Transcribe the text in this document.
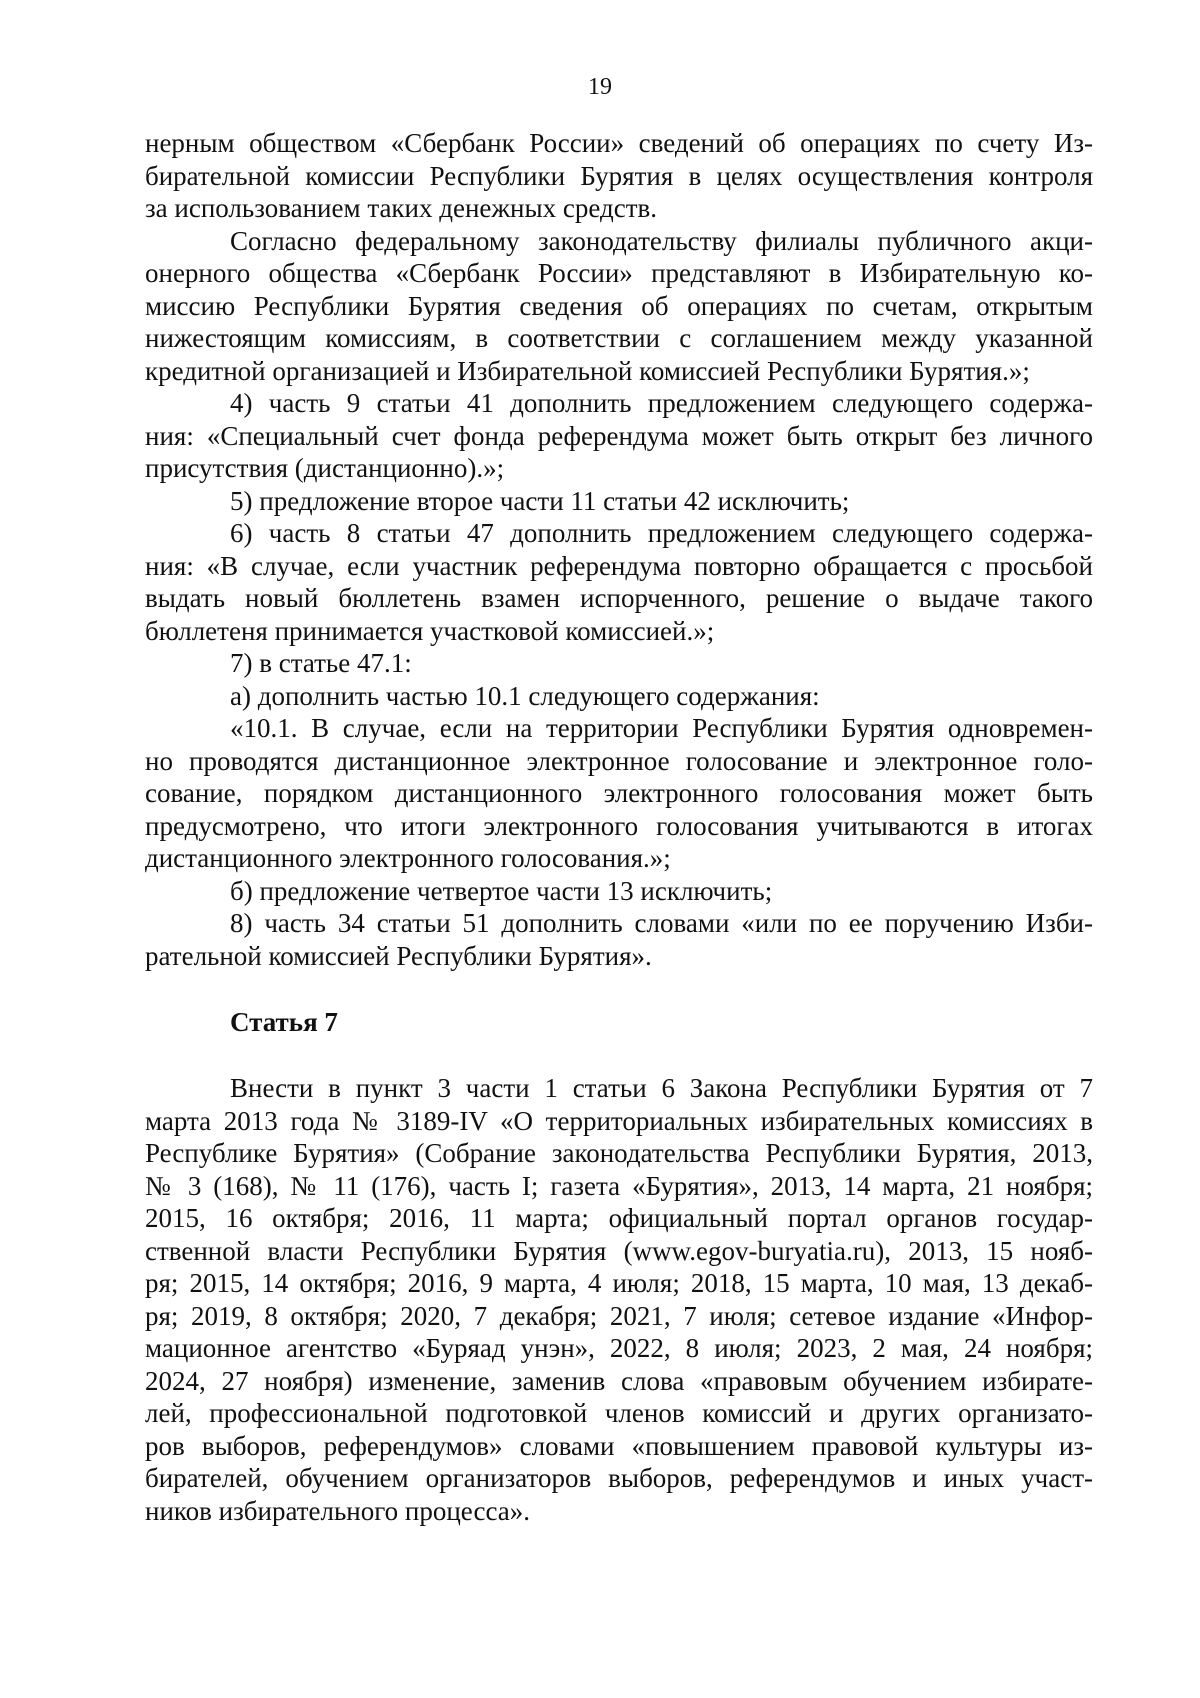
19
нерным обществом «Сбербанк России» сведений об операциях по счету Из-
бирательной комиссии Республики Бурятия в целях осуществления контроля
за использованием таких денежных средств.
Согласно федеральному законодательству филиалы публичного акци-
онерного общества «Сбербанк России» представляют в Избирательную ко-
миссию Республики Бурятия сведения об операциях по счетам, открытым
нижестоящим комиссиям, в соответствии с соглашением между указанной
кредитной организацией и Избирательной комиссией Республики Бурятия.»;
4) часть 9 статьи 41 дополнить предложением следующего содержа-
ния: «Специальный счет фонда референдума может быть открыт без личного
присутствия (дистанционно).»;
5) предложение второе части 11 статьи 42 исключить;
6) часть 8 статьи 47 дополнить предложением следующего содержа-
ния: «В случае, если участник референдума повторно обращается с просьбой
выдать новый бюллетень взамен испорченного, решение о выдаче такого
бюллетеня принимается участковой комиссией.»;
7) в статье 47.1:
а) дополнить частью 10.1 следующего содержания:
«10.1. В случае, если на территории Республики Бурятия одновремен-
но проводятся дистанционное электронное голосование и электронное голо-
сование, порядком дистанционного электронного голосования может быть
предусмотрено, что итоги электронного голосования учитываются в итогах
дистанционного электронного голосования.»;
б) предложение четвертое части 13 исключить;
8) часть 34 статьи 51 дополнить словами «или по ее поручению Изби-
рательной комиссией Республики Бурятия».
Статья 7
Внести в пункт 3 части 1 статьи 6 Закона Республики Бурятия от 7
марта 2013 года № 3189-IV «О территориальных избирательных комиссиях в
Республике Бурятия» (Собрание законодательства Республики Бурятия, 2013,
№ 3 (168), № 11 (176), часть I; газета «Бурятия», 2013, 14 марта, 21 ноября;
2015, 16 октября; 2016, 11 марта; официальный портал органов государ-
ственной власти Республики Бурятия (www.egov-buryatia.ru), 2013, 15 нояб-
ря; 2015, 14 октября; 2016, 9 марта, 4 июля; 2018, 15 марта, 10 мая, 13 декаб-
ря; 2019, 8 октября; 2020, 7 декабря; 2021, 7 июля; сетевое издание «Инфор-
мационное агентство «Буряад унэн», 2022, 8 июля; 2023, 2 мая, 24 ноября;
2024, 27 ноября) изменение, заменив слова «правовым обучением избирате-
лей, профессиональной подготовкой членов комиссий и других организато-
ров выборов, референдумов» словами «повышением правовой культуры из-
бирателей, обучением организаторов выборов, референдумов и иных участ-
ников избирательного процесса».
